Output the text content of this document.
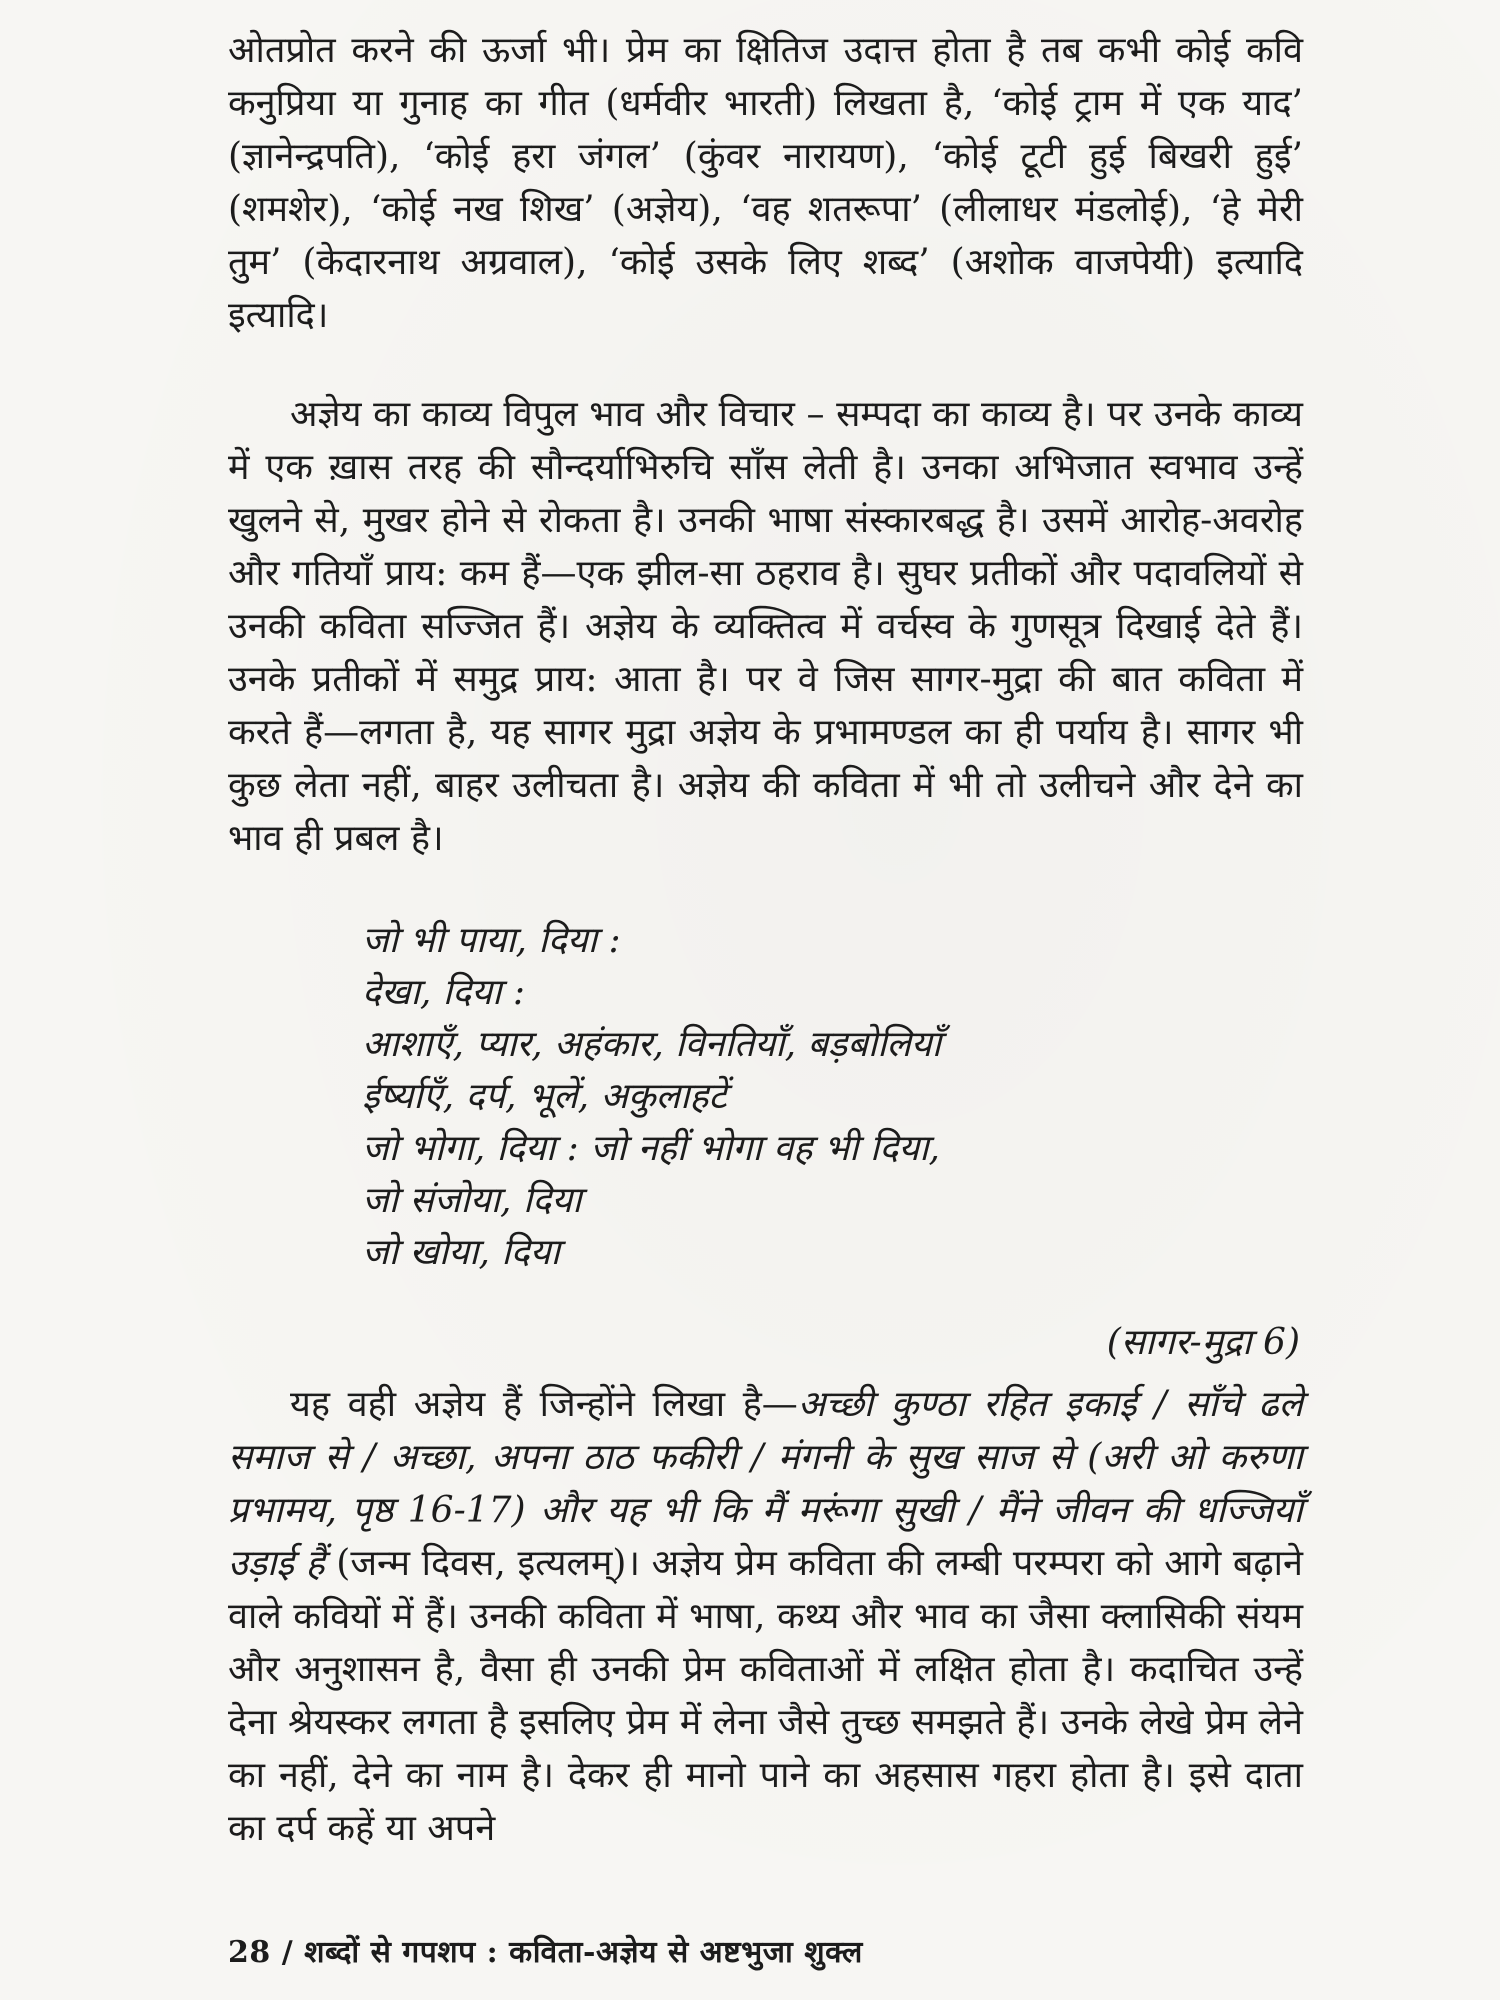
ओतप्रोत करने की ऊर्जा भी। प्रेम का क्षितिज उदात्त होता है तब कभी कोई कवि कनुप्रिया या गुनाह का गीत (धर्मवीर भारती) लिखता है, ‘कोई ट्राम में एक याद’ (ज्ञानेन्द्रपति), ‘कोई हरा जंगल’ (कुंवर नारायण), ‘कोई टूटी हुई बिखरी हुई’ (शमशेर), ‘कोई नख शिख’ (अज्ञेय), ‘वह शतरूपा’ (लीलाधर मंडलोई), ‘हे मेरी तुम’ (केदारनाथ अग्रवाल), ‘कोई उसके लिए शब्द’ (अशोक वाजपेयी) इत्यादि इत्यादि।

अज्ञेय का काव्य विपुल भाव और विचार – सम्पदा का काव्य है। पर उनके काव्य में एक ख़ास तरह की सौन्दर्याभिरुचि साँस लेती है। उनका अभिजात स्वभाव उन्हें खुलने से, मुखर होने से रोकता है। उनकी भाषा संस्कारबद्ध है। उसमें आरोह-अवरोह और गतियाँ प्राय: कम हैं—एक झील-सा ठहराव है। सुघर प्रतीकों और पदावलियों से उनकी कविता सज्जित हैं। अज्ञेय के व्यक्तित्व में वर्चस्व के गुणसूत्र दिखाई देते हैं। उनके प्रतीकों में समुद्र प्राय: आता है। पर वे जिस सागर-मुद्रा की बात कविता में करते हैं—लगता है, यह सागर मुद्रा अज्ञेय के प्रभामण्डल का ही पर्याय है। सागर भी कुछ लेता नहीं, बाहर उलीचता है। अज्ञेय की कविता में भी तो उलीचने और देने का भाव ही प्रबल है।

जो भी पाया, दिया :
देखा, दिया :
आशाएँ, प्यार, अहंकार, विनतियाँ, बड़बोलियाँ
ईर्ष्याएँ, दर्प, भूलें, अकुलाहटें
जो भोगा, दिया : जो नहीं भोगा वह भी दिया,
जो संजोया, दिया
जो खोया, दिया
(सागर-मुद्रा 6)

यह वही अज्ञेय हैं जिन्होंने लिखा है—अच्छी कुण्ठा रहित इकाई / साँचे ढले समाज से / अच्छा, अपना ठाठ फकीरी / मंगनी के सुख साज से (अरी ओ करुणा प्रभामय, पृष्ठ 16-17) और यह भी कि मैं मरूंगा सुखी / मैंने जीवन की धज्जियाँ उड़ाई हैं (जन्म दिवस, इत्यलम्)। अज्ञेय प्रेम कविता की लम्बी परम्परा को आगे बढ़ाने वाले कवियों में हैं। उनकी कविता में भाषा, कथ्य और भाव का जैसा क्लासिकी संयम और अनुशासन है, वैसा ही उनकी प्रेम कविताओं में लक्षित होता है। कदाचित उन्हें देना श्रेयस्कर लगता है इसलिए प्रेम में लेना जैसे तुच्छ समझते हैं। उनके लेखे प्रेम लेने का नहीं, देने का नाम है। देकर ही मानो पाने का अहसास गहरा होता है। इसे दाता का दर्प कहें या अपने

28 / शब्दों से गपशप : कविता-अज्ञेय से अष्टभुजा शुक्ल
